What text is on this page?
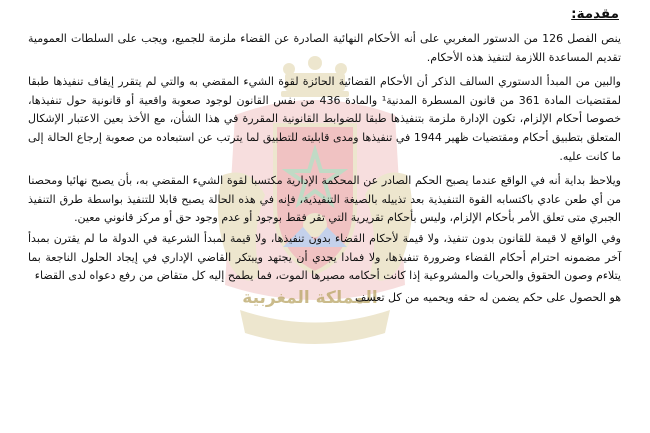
المملكة المغربية
مقدمة:

ينص الفصل 126 من الدستور المغربي على أنه الأحكام النهائية الصادرة عن القضاء ملزمة للجميع، ويجب على السلطات العمومية تقديم المساعدة اللازمة لتنفيذ هذه الأحكام.

والبين من المبدأ الدستوري السالف الذكر أن الأحكام القضائية الحائزة لقوة الشيء المقضي به والتي لم يتقرر إيقاف تنفيذها طبقا لمقتضيات المادة 361 من قانون المسطرة المدنية¹ والمادة 436 من نفس القانون لوجود صعوبة واقعية أو قانونية حول تنفيذها، خصوصا أحكام الإلزام، تكون الإدارة ملزمة بتنفيذها طبقا للضوابط القانونية المقررة في هذا الشأن، مع الأخذ بعين الاعتبار الإشكال المتعلق بتطبيق أحكام ومقتضيات ظهير 1944 في تنفيذها ومدى قابليته للتطبيق لما يترتب عن استبعاده من صعوبة إرجاع الحالة إلى ما كانت عليه.

ويلاحظ بداية أنه في الواقع عندما يصبح الحكم الصادر عن المحكمة الإدارية مكتسبا لقوة الشيء المقضي به، بأن يصبح نهائيا ومحصنا من أي طعن عادي باكتسابه القوة التنفيذية بعد تذييله بالصيغة التنفيذية، فإنه في هذه الحالة يصبح قابلا للتنفيذ بواسطة طرق التنفيذ الجبري متى تعلق الأمر بأحكام الإلزام، وليس بأحكام تقريرية التي تقر فقط بوجود أو عدم وجود حق أو مركز قانوني معين.

وفي الواقع لا قيمة للقانون بدون تنفيذ، ولا قيمة لأحكام القضاء بدون تنفيذها، ولا قيمة لمبدأ الشرعية في الدولة ما لم يقترن بمبدأ آخر مضمونه احترام أحكام القضاء وضرورة تنفيذها، ولا فمادا يجدي أن يجتهد ويبتكر القاضي الإداري في إيجاد الحلول الناجعة بما يتلاءم وصون الحقوق والحريات والمشروعية إذا كانت أحكامه مصيرها الموت، فما يطمح إليه كل متقاض من رفع دعواه لدى القضاء

هو الحصول على حكم يضمن له حقه ويحميه من كل تعسف
